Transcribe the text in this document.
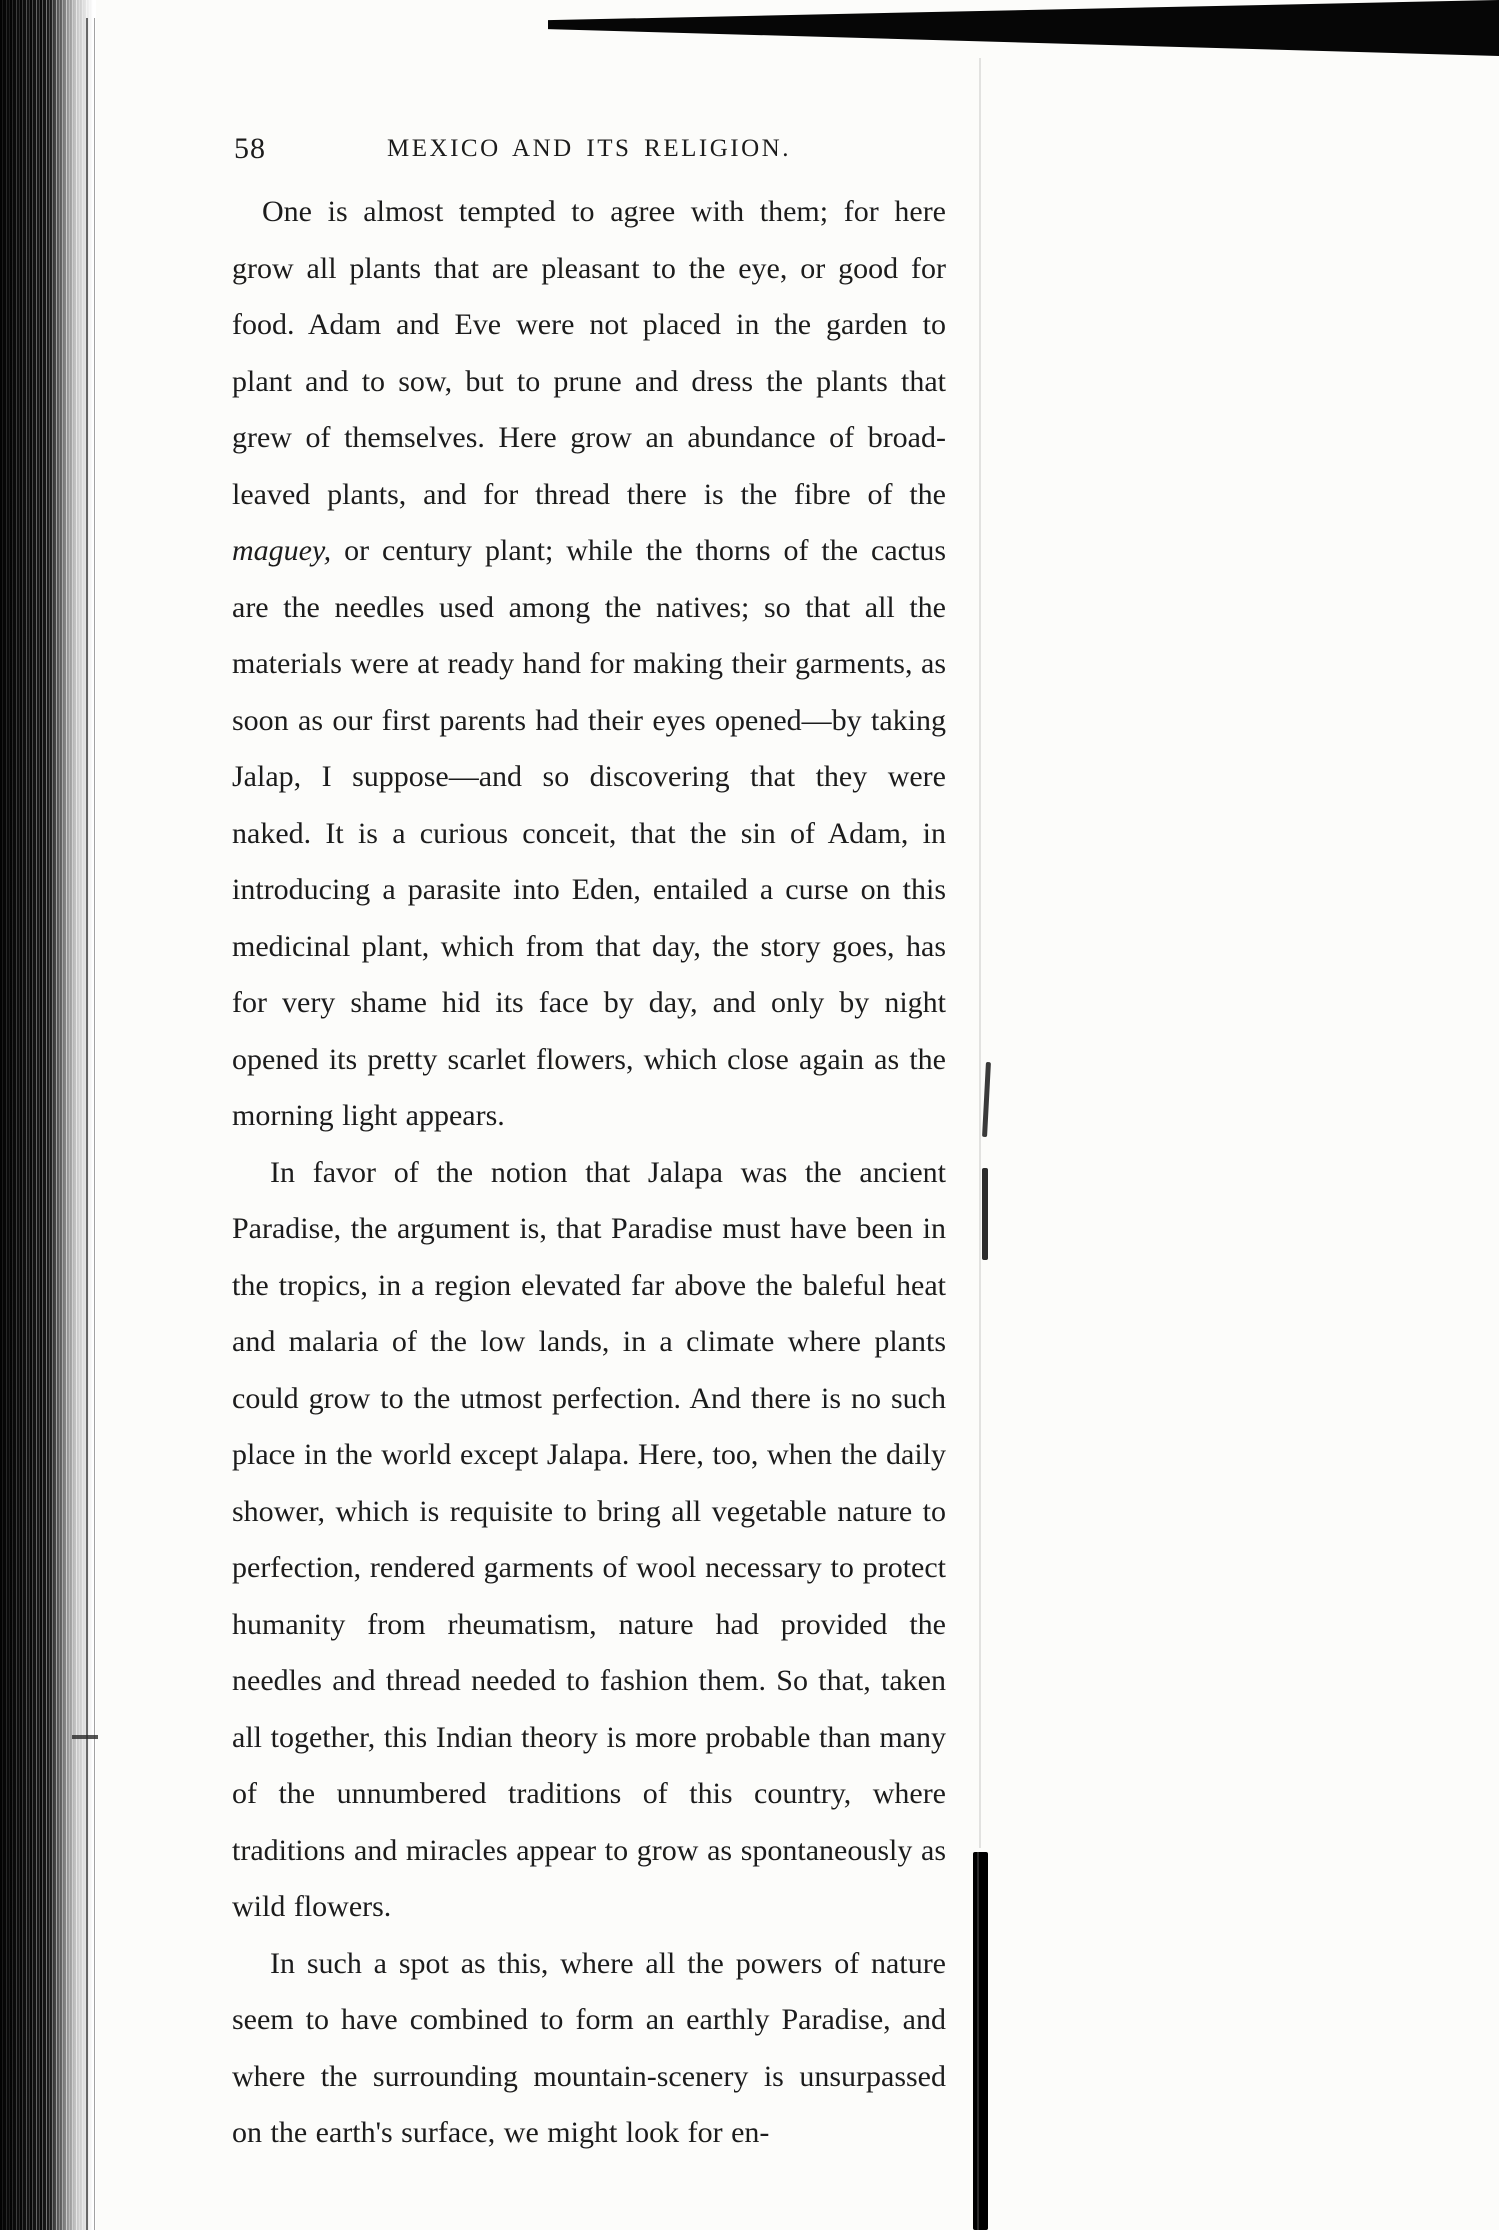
58	MEXICO AND ITS RELIGION.

One is almost tempted to agree with them; for here grow all plants that are pleasant to the eye, or good for food. Adam and Eve were not placed in the garden to plant and to sow, but to prune and dress the plants that grew of themselves. Here grow an abundance of broad-leaved plants, and for thread there is the fibre of the maguey, or century plant; while the thorns of the cactus are the needles used among the natives; so that all the materials were at ready hand for making their garments, as soon as our first parents had their eyes opened—by taking Jalap, I suppose—and so discovering that they were naked. It is a curious conceit, that the sin of Adam, in introducing a parasite into Eden, entailed a curse on this medicinal plant, which from that day, the story goes, has for very shame hid its face by day, and only by night opened its pretty scarlet flowers, which close again as the morning light appears.

In favor of the notion that Jalapa was the ancient Paradise, the argument is, that Paradise must have been in the tropics, in a region elevated far above the baleful heat and malaria of the low lands, in a climate where plants could grow to the utmost perfection. And there is no such place in the world except Jalapa. Here, too, when the daily shower, which is requisite to bring all vegetable nature to perfection, rendered garments of wool necessary to protect humanity from rheumatism, nature had provided the needles and thread needed to fashion them. So that, taken all together, this Indian theory is more probable than many of the unnumbered traditions of this country, where traditions and miracles appear to grow as spontaneously as wild flowers.

In such a spot as this, where all the powers of nature seem to have combined to form an earthly Paradise, and where the surrounding mountain-scenery is unsurpassed on the earth's surface, we might look for en-
